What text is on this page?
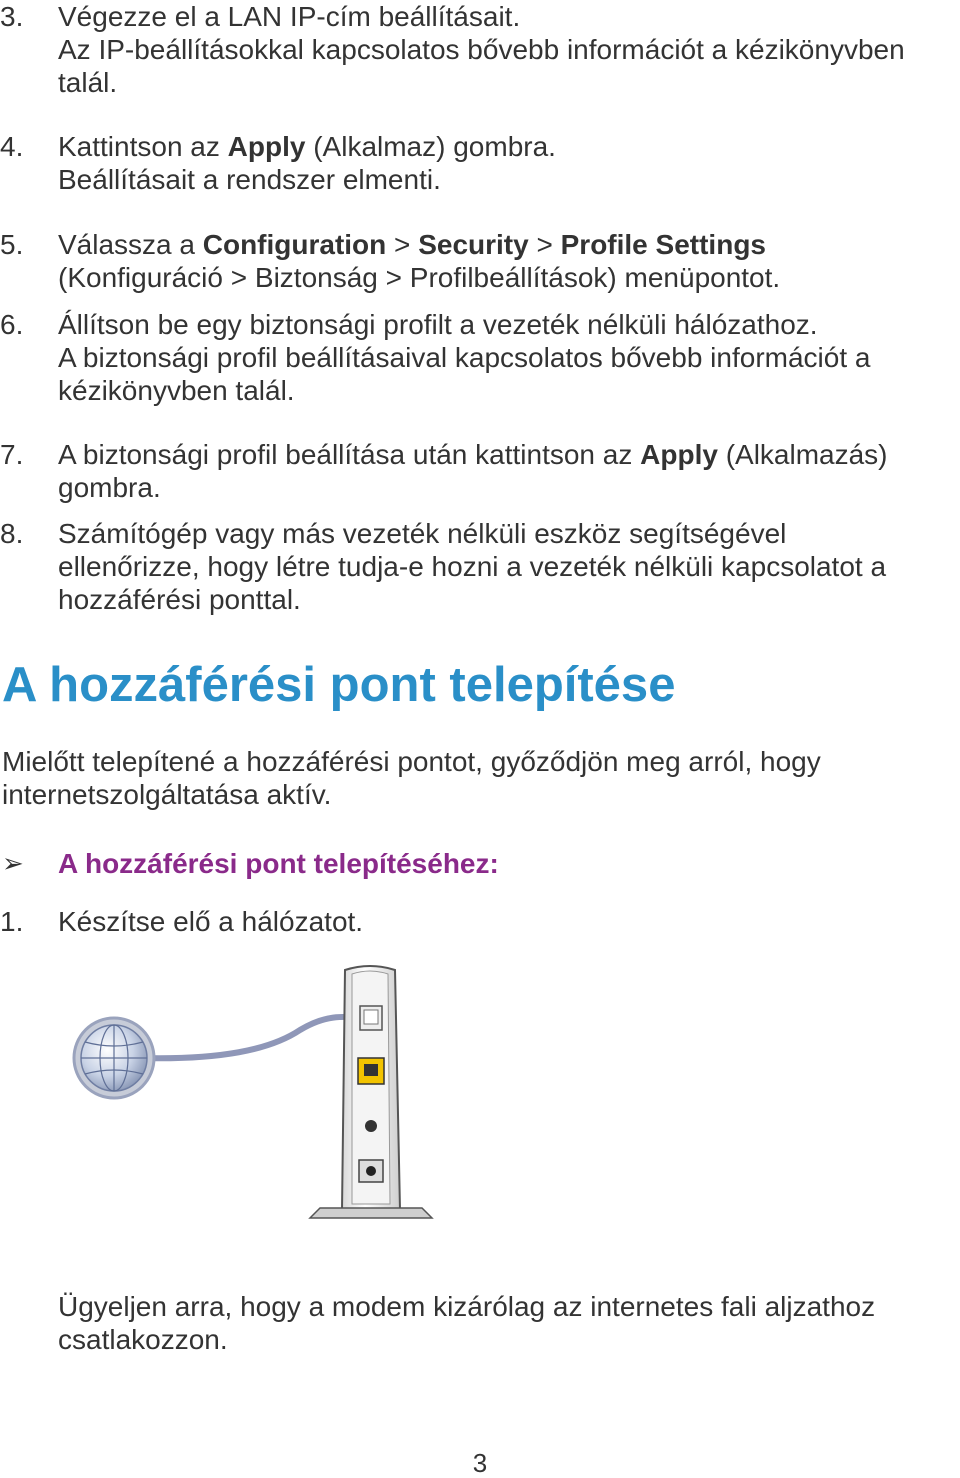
3. Végezze el a LAN IP-cím beállításait.
Az IP-beállításokkal kapcsolatos bővebb információt a kézikönyvben
talál.
4. Kattintson az Apply (Alkalmaz) gombra.
Beállításait a rendszer elmenti.
5. Válassza a Configuration > Security > Profile Settings
(Konfiguráció > Biztonság > Profilbeállítások) menüpontot.
6. Állítson be egy biztonsági profilt a vezeték nélküli hálózathoz.
A biztonsági profil beállításaival kapcsolatos bővebb információt a
kézikönyvben talál.
7. A biztonsági profil beállítása után kattintson az Apply (Alkalmazás)
gombra.
8. Számítógép vagy más vezeték nélküli eszköz segítségével
ellenőrizze, hogy létre tudja-e hozni a vezeték nélküli kapcsolatot a
hozzáférési ponttal.
A hozzáférési pont telepítése
Mielőtt telepítené a hozzáférési pontot, győződjön meg arról, hogy
internetszolgáltatása aktív.
➢ A hozzáférési pont telepítéséhez:
1. Készítse elő a hálózatot.
Ügyeljen arra, hogy a modem kizárólag az internetes fali aljzathoz
csatlakozzon.
3
